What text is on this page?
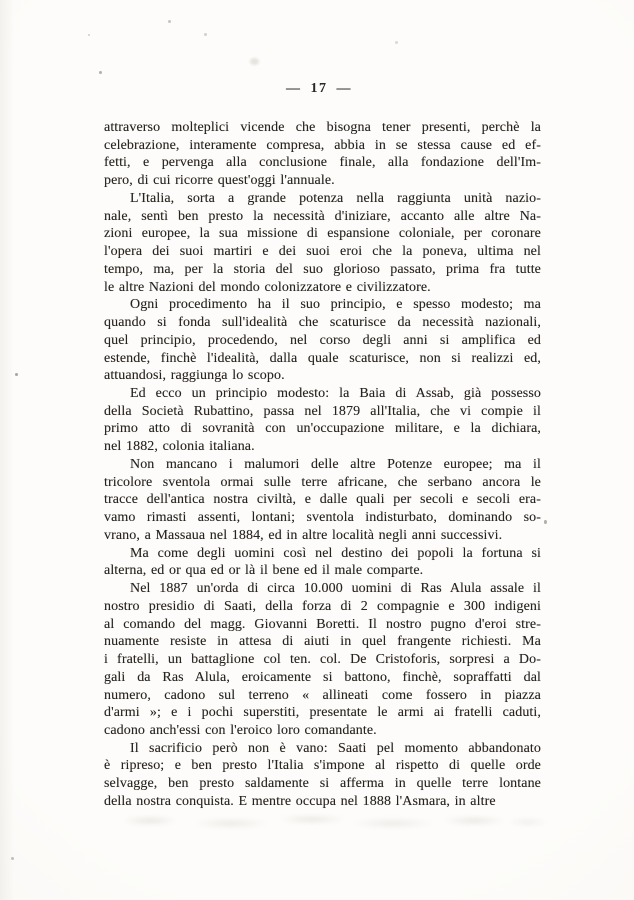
— 17 —
attraverso molteplici vicende che bisogna tener presenti, perchè la
celebrazione, interamente compresa, abbia in se stessa cause ed ef-
fetti, e pervenga alla conclusione finale, alla fondazione dell'Im-
pero, di cui ricorre quest'oggi l'annuale.
L'Italia, sorta a grande potenza nella raggiunta unità nazio-
nale, sentì ben presto la necessità d'iniziare, accanto alle altre Na-
zioni europee, la sua missione di espansione coloniale, per coronare
l'opera dei suoi martiri e dei suoi eroi che la poneva, ultima nel
tempo, ma, per la storia del suo glorioso passato, prima fra tutte
le altre Nazioni del mondo colonizzatore e civilizzatore.
Ogni procedimento ha il suo principio, e spesso modesto; ma
quando si fonda sull'idealità che scaturisce da necessità nazionali,
quel principio, procedendo, nel corso degli anni si amplifica ed
estende, finchè l'idealità, dalla quale scaturisce, non si realizzi ed,
attuandosi, raggiunga lo scopo.
Ed ecco un principio modesto: la Baia di Assab, già possesso
della Società Rubattino, passa nel 1879 all'Italia, che vi compie il
primo atto di sovranità con un'occupazione militare, e la dichiara,
nel 1882, colonia italiana.
Non mancano i malumori delle altre Potenze europee; ma il
tricolore sventola ormai sulle terre africane, che serbano ancora le
tracce dell'antica nostra civiltà, e dalle quali per secoli e secoli era-
vamo rimasti assenti, lontani; sventola indisturbato, dominando so-
vrano, a Massaua nel 1884, ed in altre località negli anni successivi.
Ma come degli uomini così nel destino dei popoli la fortuna si
alterna, ed or qua ed or là il bene ed il male comparte.
Nel 1887 un'orda di circa 10.000 uomini di Ras Alula assale il
nostro presidio di Saati, della forza di 2 compagnie e 300 indigeni
al comando del magg. Giovanni Boretti. Il nostro pugno d'eroi stre-
nuamente resiste in attesa di aiuti in quel frangente richiesti. Ma
i fratelli, un battaglione col ten. col. De Cristoforis, sorpresi a Do-
gali da Ras Alula, eroicamente si battono, finchè, sopraffatti dal
numero, cadono sul terreno « allineati come fossero in piazza
d'armi »; e i pochi superstiti, presentate le armi ai fratelli caduti,
cadono anch'essi con l'eroico loro comandante.
Il sacrificio però non è vano: Saati pel momento abbandonato
è ripreso; e ben presto l'Italia s'impone al rispetto di quelle orde
selvagge, ben presto saldamente si afferma in quelle terre lontane
della nostra conquista. E mentre occupa nel 1888 l'Asmara, in altre
